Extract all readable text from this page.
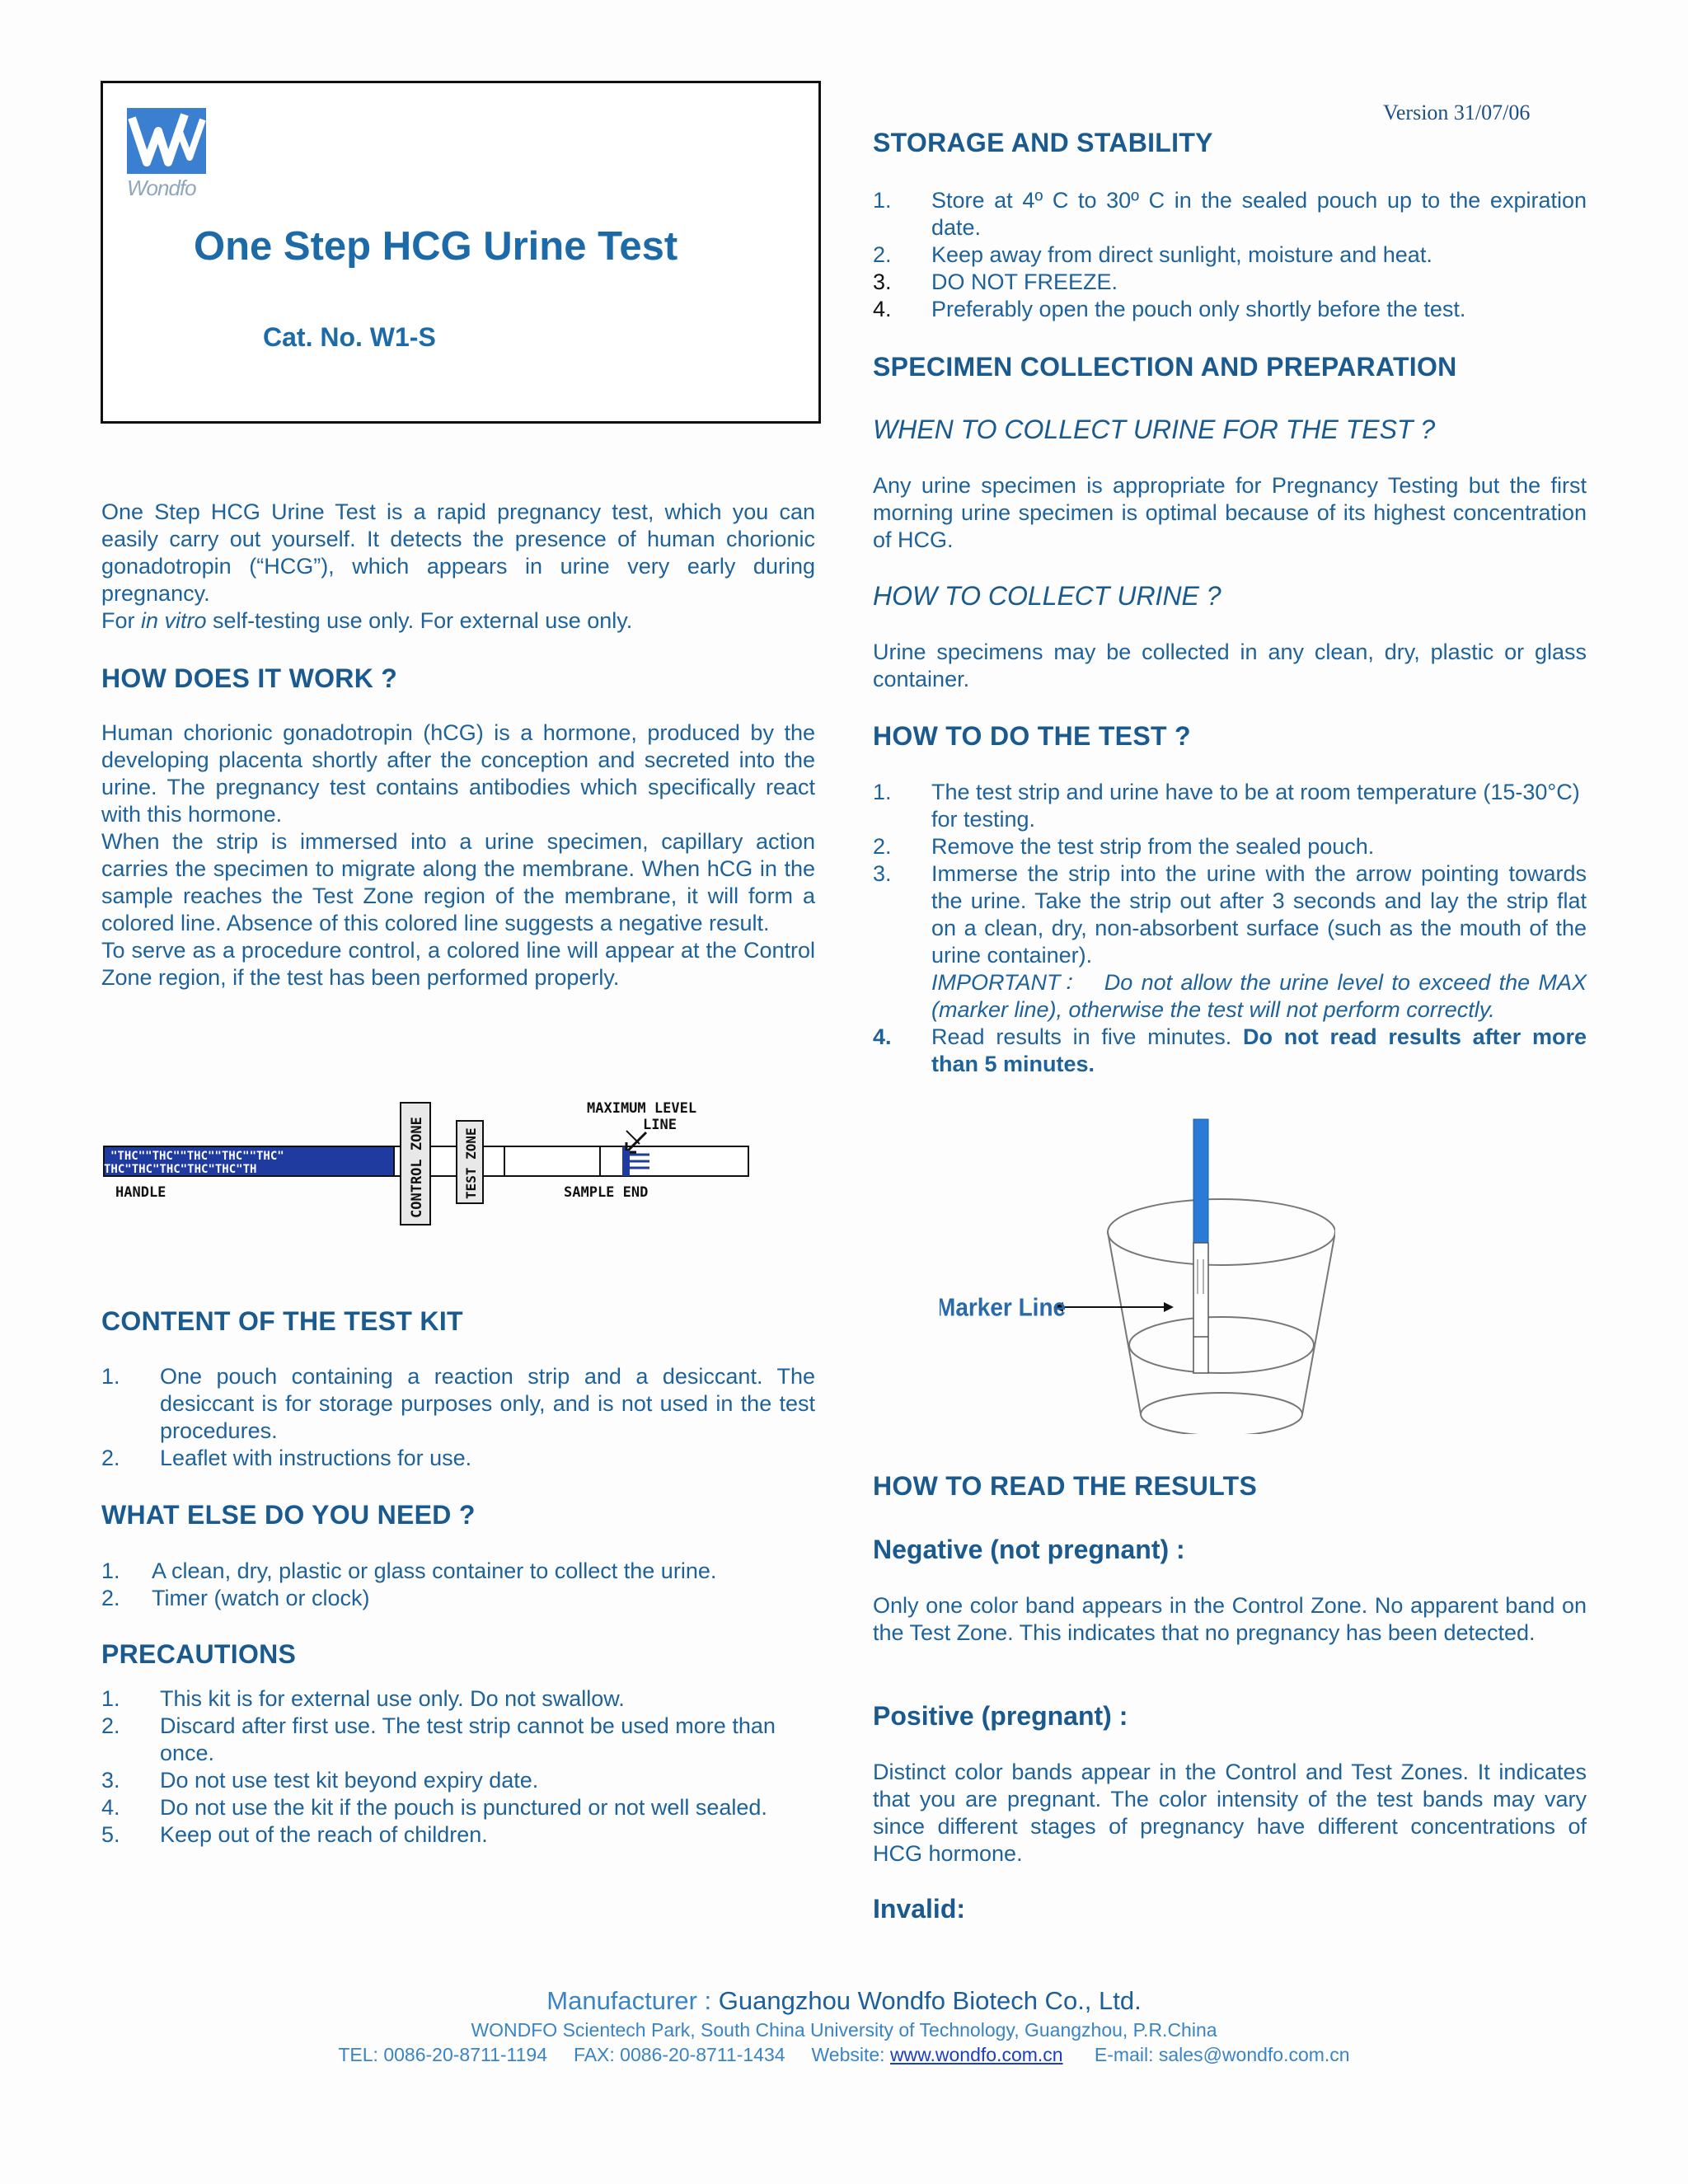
Version 31/07/06
Wondfo
One Step HCG Urine Test
Cat. No. W1-S
One Step HCG Urine Test is a rapid pregnancy test, which you can easily carry out yourself. It detects the presence of human chorionic gonadotropin (“HCG”), which appears in urine very early during pregnancy.
For in vitro self-testing use only. For external use only.
HOW DOES IT WORK ?
Human chorionic gonadotropin (hCG) is a hormone, produced by the developing placenta shortly after the conception and secreted into the urine. The pregnancy test contains antibodies which specifically react with this hormone.
When the strip is immersed into a urine specimen, capillary action carries the specimen to migrate along the membrane. When hCG in the sample reaches the Test Zone region of the membrane, it will form a colored line. Absence of this colored line suggests a negative result.
To serve as a procedure control, a colored line will appear at the Control Zone region, if the test has been performed properly.
"THC""THC""THC""THC""THC"
THC"THC"THC"THC"THC"TH	CONTROL ZONE	TEST ZONE
MAXIMUM LEVEL
LINE
HANDLE	SAMPLE END
CONTENT OF THE TEST KIT
1. One pouch containing a reaction strip and a desiccant. The desiccant is for storage purposes only, and is not used in the test procedures.
2. Leaflet with instructions for use.
WHAT ELSE DO YOU NEED ?
1. A clean, dry, plastic or glass container to collect the urine.
2. Timer (watch or clock)
PRECAUTIONS
1. This kit is for external use only. Do not swallow.
2. Discard after first use. The test strip cannot be used more than once.
3. Do not use test kit beyond expiry date.
4. Do not use the kit if the pouch is punctured or not well sealed.
5. Keep out of the reach of children.
STORAGE AND STABILITY
1. Store at 4º C to 30º C in the sealed pouch up to the expiration date.
2. Keep away from direct sunlight, moisture and heat.
3. DO NOT FREEZE.
4. Preferably open the pouch only shortly before the test.
SPECIMEN COLLECTION AND PREPARATION
WHEN TO COLLECT URINE FOR THE TEST ?
Any urine specimen is appropriate for Pregnancy Testing but the first morning urine specimen is optimal because of its highest concentration of HCG.
HOW TO COLLECT URINE ?
Urine specimens may be collected in any clean, dry, plastic or glass container.
HOW TO DO THE TEST ?
1. The test strip and urine have to be at room temperature (15-30°C) for testing.
2. Remove the test strip from the sealed pouch.
3. Immerse the strip into the urine with the arrow pointing towards the urine. Take the strip out after 3 seconds and lay the strip flat on a clean, dry, non-absorbent surface (such as the mouth of the urine container).
IMPORTANT： Do not allow the urine level to exceed the MAX (marker line), otherwise the test will not perform correctly.
4. Read results in five minutes. Do not read results after more than 5 minutes.
Marker Line
HOW TO READ THE RESULTS
Negative (not pregnant) :
Only one color band appears in the Control Zone. No apparent band on the Test Zone. This indicates that no pregnancy has been detected.
Positive (pregnant) :
Distinct color bands appear in the Control and Test Zones. It indicates that you are pregnant. The color intensity of the test bands may vary since different stages of pregnancy have different concentrations of HCG hormone.
Invalid:
Manufacturer : Guangzhou Wondfo Biotech Co., Ltd.
WONDFO Scientech Park, South China University of Technology, Guangzhou, P.R.China
TEL: 0086-20-8711-1194 FAX: 0086-20-8711-1434 Website: www.wondfo.com.cn E-mail: sales@wondfo.com.cn
